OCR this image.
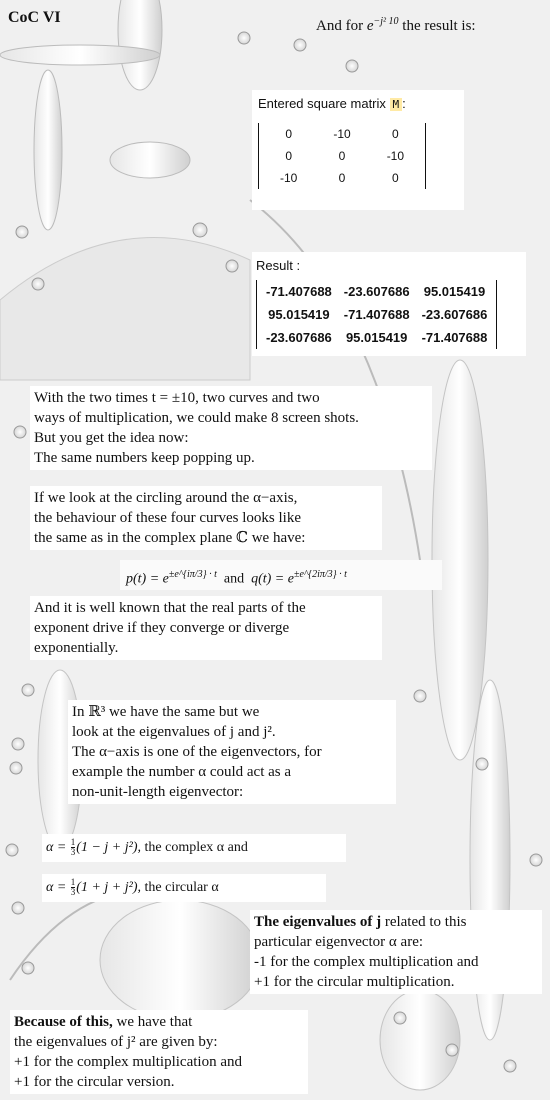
CoC VI	And for $e^{-j^2 10}$ the result is:
Entered square matrix M :
0	-10	0
0	0	-10
-10	0	0
Result :
-71.407688	-23.607686	95.015419
95.015419	-71.407688	-23.607686
-23.607686	95.015419	-71.407688

With the two times t = ±10, two curves and two

ways of multiplication, we could make 8 screen shots.

But you get the idea now:

The same numbers keep popping up.

If we look at the circling around the α−axis,

the behaviour of these four curves looks like

the same as in the complex plane ℂ we have:

$p(t) = e^{\pm e\^{}\{i\pi/3\} \cdot t}$ and $q(t) = e^{\pm e\^{}\{2i\pi/3\} \cdot t}$

And it is well known that the real parts of the

exponent drive if they converge or diverge

exponentially.

In ℝ³ we have the same but we

look at the eigenvalues of j and j².

The α−axis is one of the eigenvectors, for

example the number α could act as a

non-unit-length eigenvector:

$\alpha = \frac{1}{3} (1 - j + j^2)$, the complex α and
$\alpha = \frac{1}{3} (1 + j + j^2)$, the circular α

The eigenvalues of j related to this

particular eigenvector α are:

-1 for the complex multiplication and

+1 for the circular multiplication.

Because of this, we have that

the eigenvalues of j² are given by:

+1 for the complex multiplication and

+1 for the circular version.
